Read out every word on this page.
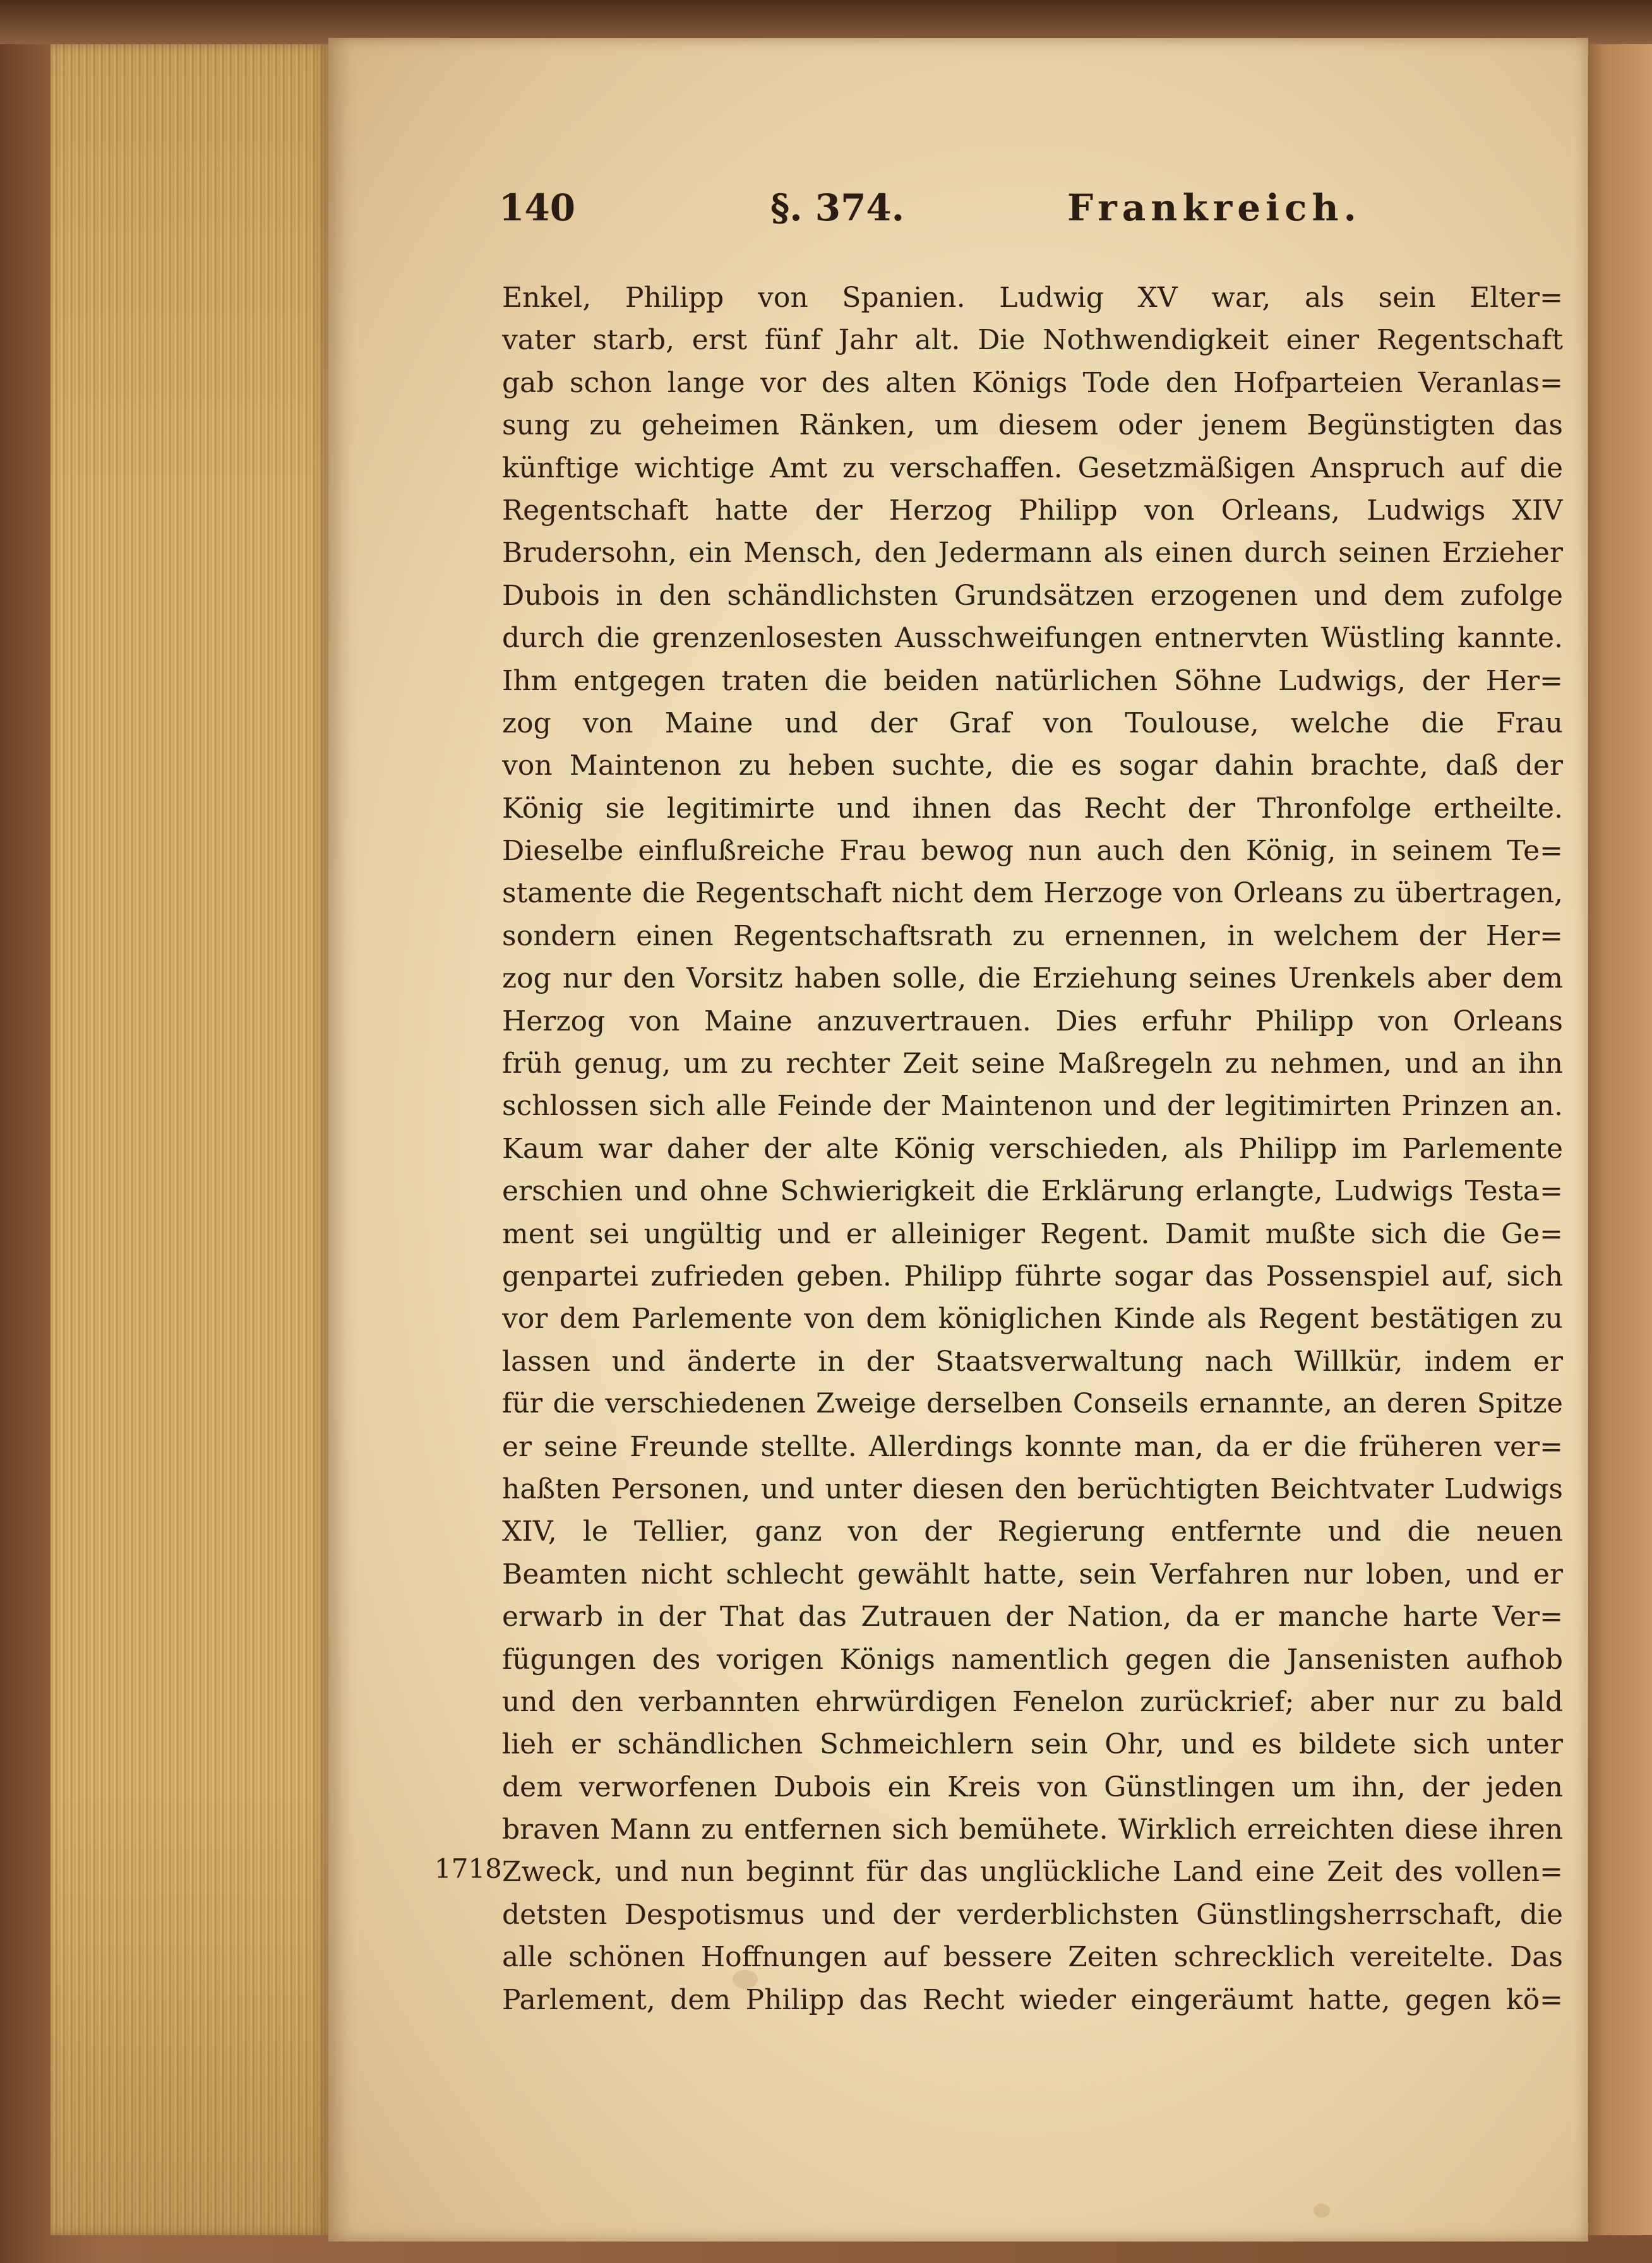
140	§. 374.	Frankreich.
1718
Enkel, Philipp von Spanien. Ludwig XV war, als sein Elter=
vater starb, erst fünf Jahr alt. Die Nothwendigkeit einer Regentschaft
gab schon lange vor des alten Königs Tode den Hofparteien Veranlas=
sung zu geheimen Ränken, um diesem oder jenem Begünstigten das
künftige wichtige Amt zu verschaffen. Gesetzmäßigen Anspruch auf die
Regentschaft hatte der Herzog Philipp von Orleans, Ludwigs XIV
Brudersohn, ein Mensch, den Jedermann als einen durch seinen Erzieher
Dubois in den schändlichsten Grundsätzen erzogenen und dem zufolge
durch die grenzenlosesten Ausschweifungen entnervten Wüstling kannte.
Ihm entgegen traten die beiden natürlichen Söhne Ludwigs, der Her=
zog von Maine und der Graf von Toulouse, welche die Frau
von Maintenon zu heben suchte, die es sogar dahin brachte, daß der
König sie legitimirte und ihnen das Recht der Thronfolge ertheilte.
Dieselbe einflußreiche Frau bewog nun auch den König, in seinem Te=
stamente die Regentschaft nicht dem Herzoge von Orleans zu übertragen,
sondern einen Regentschaftsrath zu ernennen, in welchem der Her=
zog nur den Vorsitz haben solle, die Erziehung seines Urenkels aber dem
Herzog von Maine anzuvertrauen. Dies erfuhr Philipp von Orleans
früh genug, um zu rechter Zeit seine Maßregeln zu nehmen, und an ihn
schlossen sich alle Feinde der Maintenon und der legitimirten Prinzen an.
Kaum war daher der alte König verschieden, als Philipp im Parlemente
erschien und ohne Schwierigkeit die Erklärung erlangte, Ludwigs Testa=
ment sei ungültig und er alleiniger Regent. Damit mußte sich die Ge=
genpartei zufrieden geben. Philipp führte sogar das Possenspiel auf, sich
vor dem Parlemente von dem königlichen Kinde als Regent bestätigen zu
lassen und änderte in der Staatsverwaltung nach Willkür, indem er
für die verschiedenen Zweige derselben Conseils ernannte, an deren Spitze
er seine Freunde stellte. Allerdings konnte man, da er die früheren ver=
haßten Personen, und unter diesen den berüchtigten Beichtvater Ludwigs
XIV, le Tellier, ganz von der Regierung entfernte und die neuen
Beamten nicht schlecht gewählt hatte, sein Verfahren nur loben, und er
erwarb in der That das Zutrauen der Nation, da er manche harte Ver=
fügungen des vorigen Königs namentlich gegen die Jansenisten aufhob
und den verbannten ehrwürdigen Fenelon zurückrief; aber nur zu bald
lieh er schändlichen Schmeichlern sein Ohr, und es bildete sich unter
dem verworfenen Dubois ein Kreis von Günstlingen um ihn, der jeden
braven Mann zu entfernen sich bemühete. Wirklich erreichten diese ihren
Zweck, und nun beginnt für das unglückliche Land eine Zeit des vollen=
detsten Despotismus und der verderblichsten Günstlingsherrschaft, die
alle schönen Hoffnungen auf bessere Zeiten schrecklich vereitelte. Das
Parlement, dem Philipp das Recht wieder eingeräumt hatte, gegen kö=
